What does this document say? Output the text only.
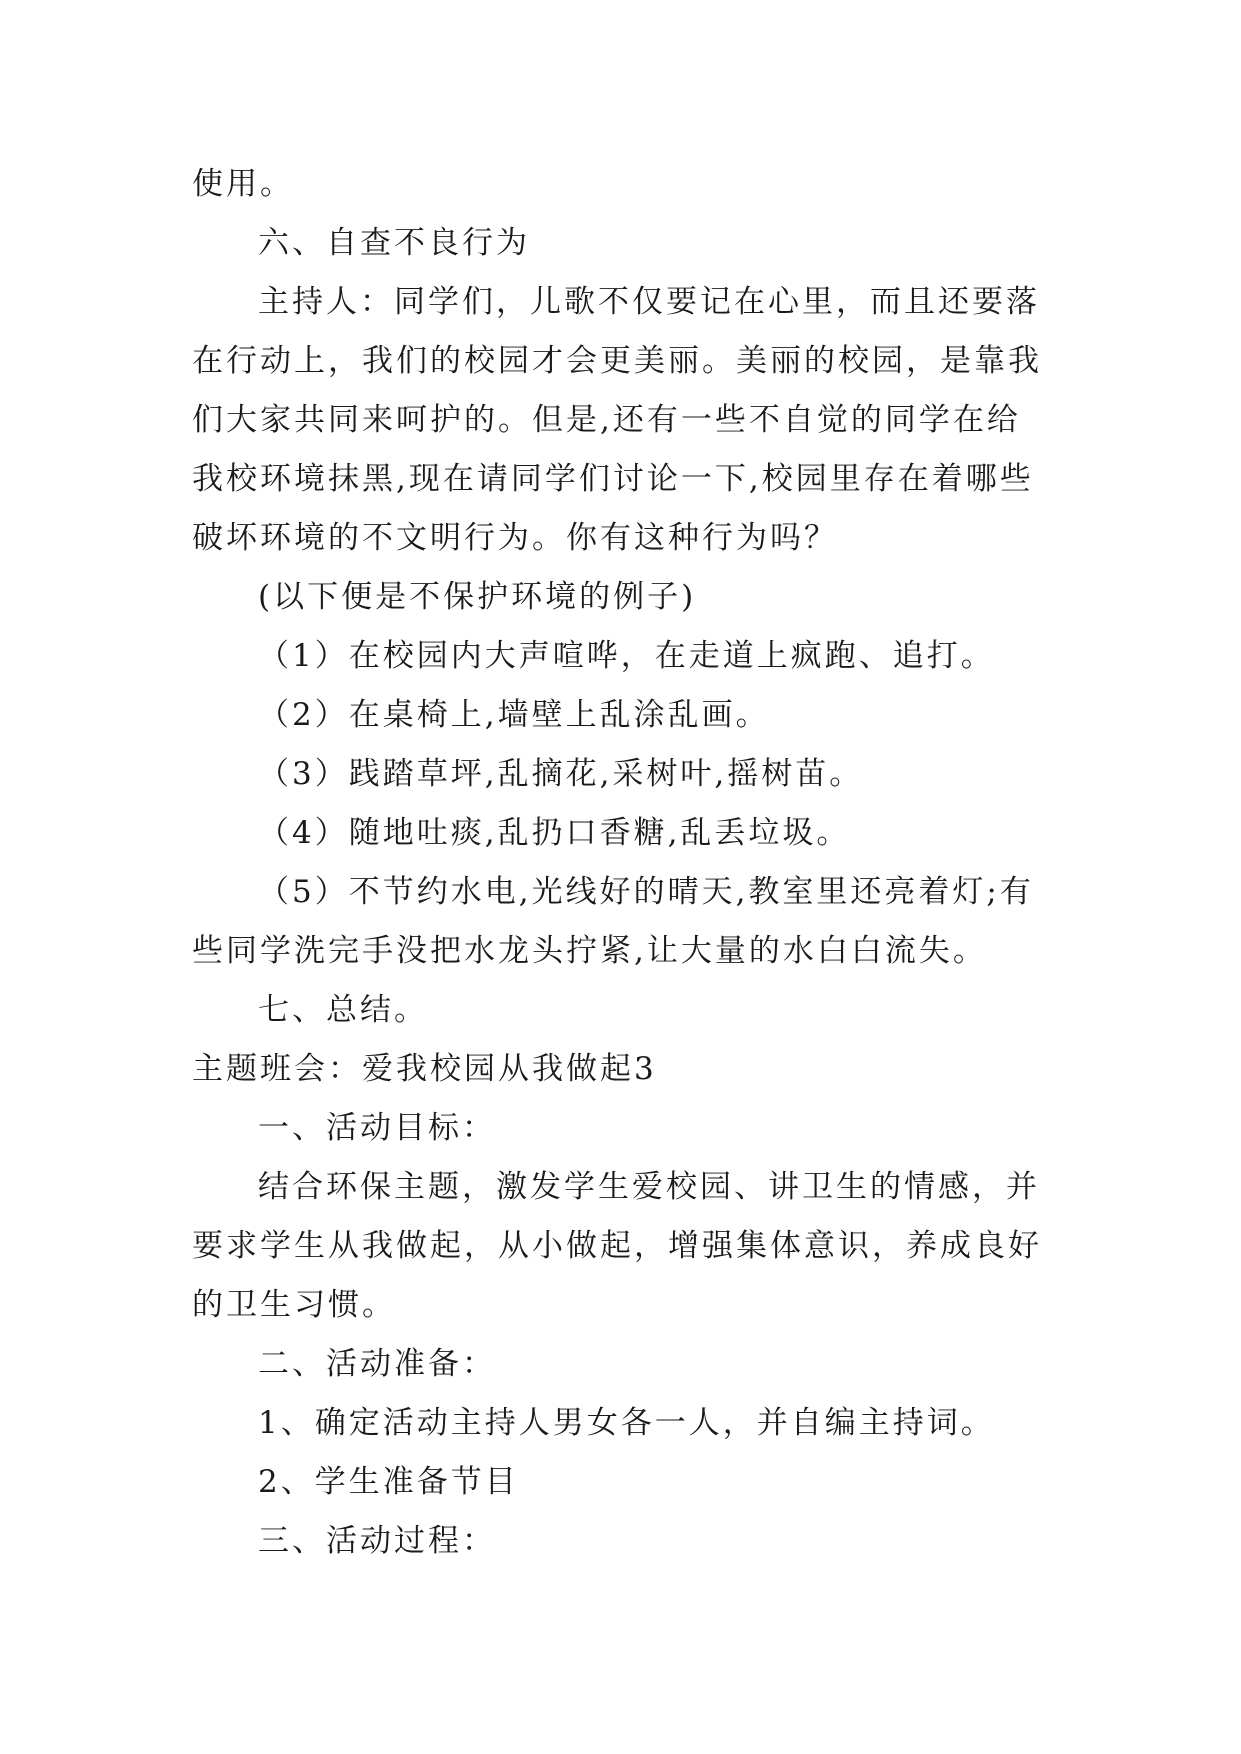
使用。

六、自查不良行为

主持人：同学们，儿歌不仅要记在心里，而且还要落在行动上，我们的校园才会更美丽。美丽的校园，是靠我们大家共同来呵护的。但是,还有一些不自觉的同学在给我校环境抹黑,现在请同学们讨论一下,校园里存在着哪些破坏环境的不文明行为。你有这种行为吗？

(以下便是不保护环境的例子)

（1）在校园内大声喧哗，在走道上疯跑、追打。

（2）在桌椅上,墙壁上乱涂乱画。

（3）践踏草坪,乱摘花,采树叶,摇树苗。

（4）随地吐痰,乱扔口香糖,乱丢垃圾。

（5）不节约水电,光线好的晴天,教室里还亮着灯;有些同学洗完手没把水龙头拧紧,让大量的水白白流失。

七、总结。

主题班会：爱我校园从我做起3

一、活动目标：

结合环保主题，激发学生爱校园、讲卫生的情感，并要求学生从我做起，从小做起，增强集体意识，养成良好的卫生习惯。

二、活动准备：

1、确定活动主持人男女各一人，并自编主持词。

2、学生准备节目

三、活动过程：
